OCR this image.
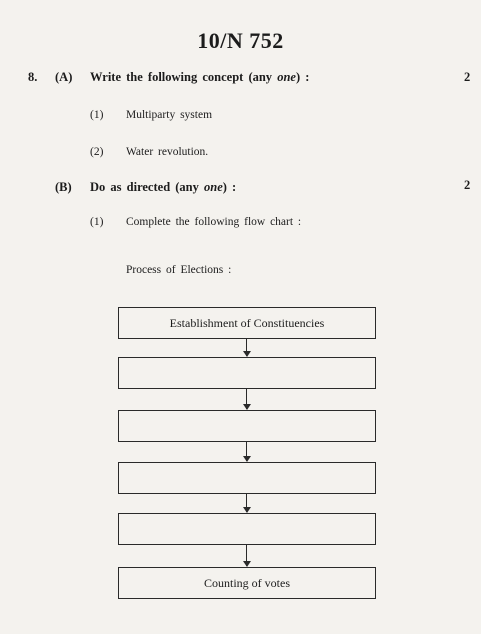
10/N 752
8. (A) Write the following concept (any one) :	2
(1) Multiparty system
(2) Water revolution.
(B) Do as directed (any one) :	2
(1) Complete the following flow chart :
Process of Elections :
Establishment of Constituencies
Counting of votes
